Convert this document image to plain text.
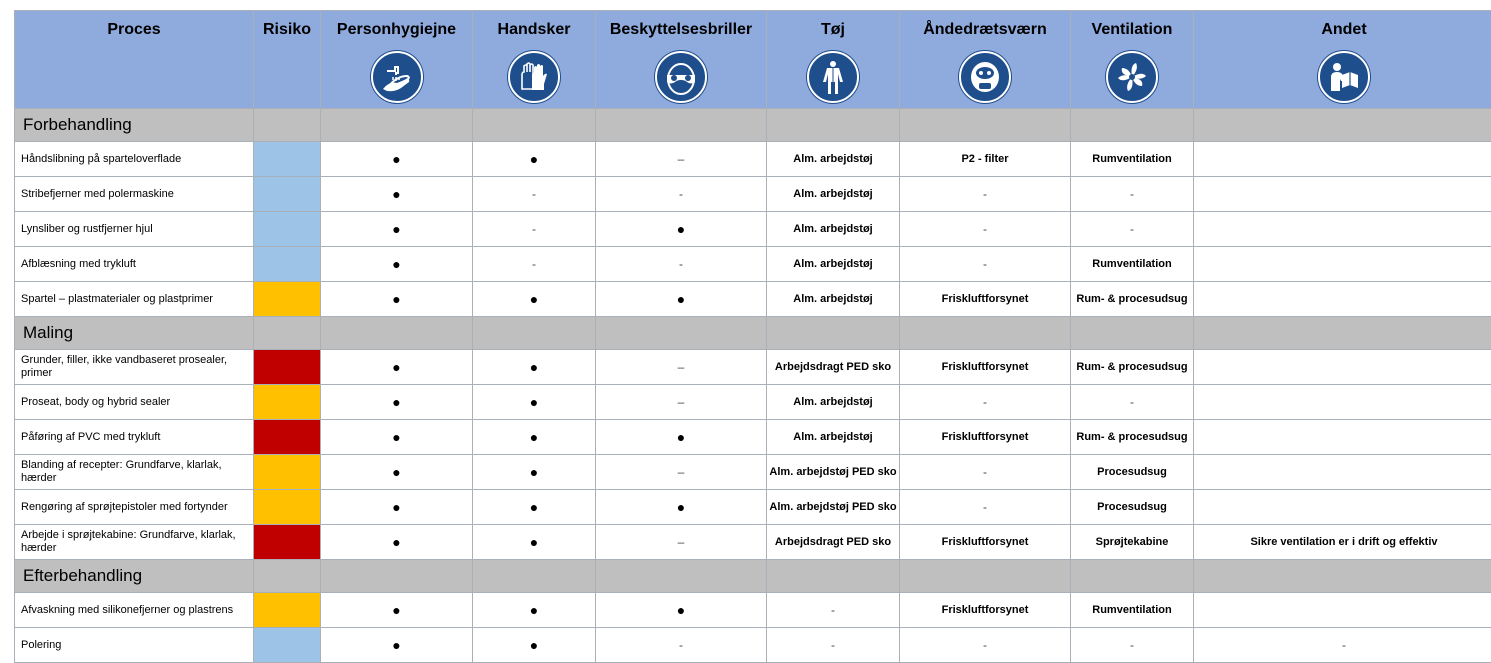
Proces	Risiko	Personhygiejne	Handsker	Beskyttelsesbriller	Tøj	Åndedrætsværn	Ventilation	Andet

Forbehandling								
Håndslibning på sparteloverflade		●	●	–	Alm. arbejdstøj	P2 - filter	Rumventilation	
Stribefjerner med polermaskine		●	-	-	Alm. arbejdstøj	-	-	
Lynsliber og rustfjerner hjul		●	-	●	Alm. arbejdstøj	-	-	
Afblæsning med trykluft		●	-	-	Alm. arbejdstøj	-	Rumventilation	
Spartel – plastmaterialer og plastprimer		●	●	●	Alm. arbejdstøj	Friskluftforsynet	Rum- & procesudsug	
Maling								
Grunder, filler, ikke vandbaseret prosealer, primer		●	●	–	Arbejdsdragt PED sko	Friskluftforsynet	Rum- & procesudsug	
Proseat, body og hybrid sealer		●	●	–	Alm. arbejdstøj	-	-	
Påføring af PVC med trykluft		●	●	●	Alm. arbejdstøj	Friskluftforsynet	Rum- & procesudsug	
Blanding af recepter: Grundfarve, klarlak, hærder		●	●	–	Alm. arbejdstøj PED sko	-	Procesudsug	
Rengøring af sprøjtepistoler med fortynder		●	●	●	Alm. arbejdstøj PED sko	-	Procesudsug	
Arbejde i sprøjtekabine: Grundfarve, klarlak, hærder		●	●	–	Arbejdsdragt PED sko	Friskluftforsynet	Sprøjtekabine	Sikre ventilation er i drift og effektiv
Efterbehandling								
Afvaskning med silikonefjerner og plastrens		●	●	●	-	Friskluftforsynet	Rumventilation	
Polering		●	●	-	-	-	-	-
